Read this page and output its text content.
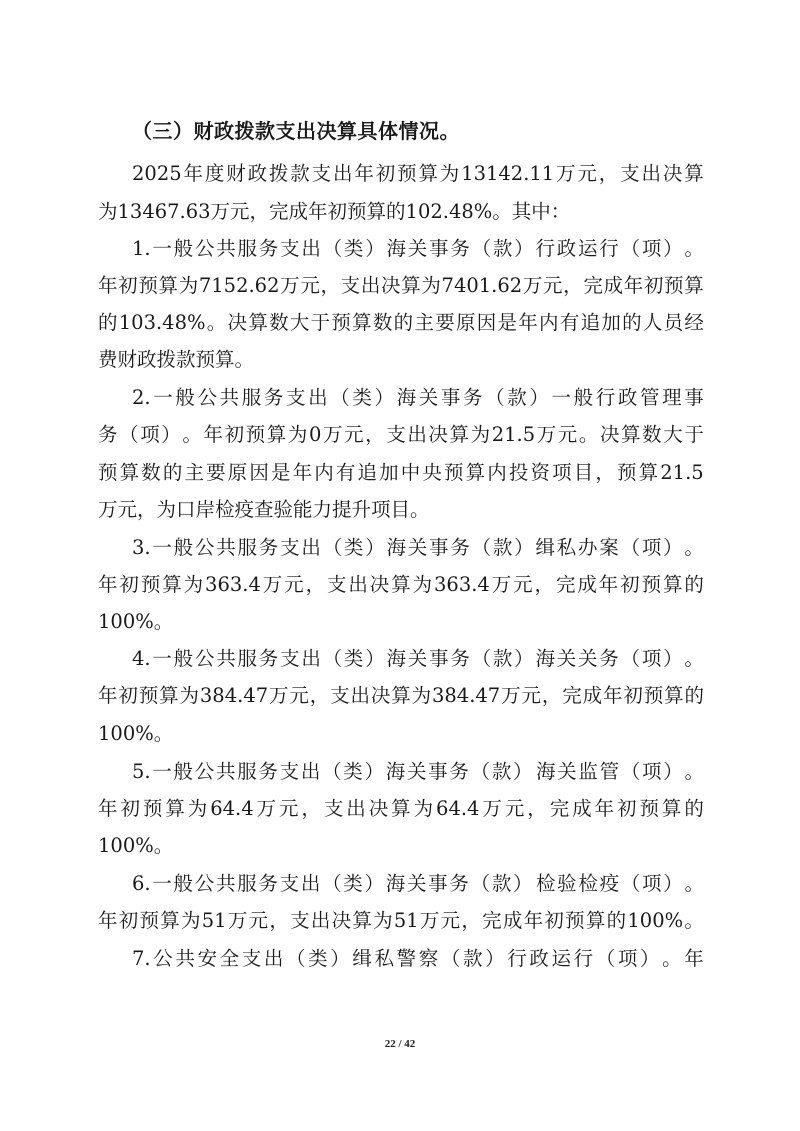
（三）财政拨款支出决算具体情况。
2025 年 度 财 政 拨 款 支 出 年 初 预 算 为 13142.11 万 元 ， 支 出 决 算
为13467.63万元，完成年初预算的102.48%。其中：
1. 一 般 公 共 服 务 支 出 （ 类 ） 海 关 事 务 （ 款 ） 行 政 运 行 （ 项 ） 。
年 初 预 算 为 7152.62 万 元 ， 支 出 决 算 为 7401.62 万 元 ， 完 成 年 初 预 算
的 103.48% 。 决 算 数 大 于 预 算 数 的 主 要 原 因 是 年 内 有 追 加 的 人 员 经
费财政拨款预算。
2. 一 般 公 共 服 务 支 出 （ 类 ） 海 关 事 务 （ 款 ） 一 般 行 政 管 理 事
务 （ 项 ） 。 年 初 预 算 为 0 万 元 ， 支 出 决 算 为 21.5 万 元 。 决 算 数 大 于
预 算 数 的 主 要 原 因 是 年 内 有 追 加 中 央 预 算 内 投 资 项 目 ， 预 算 21.5
万元，为口岸检疫查验能力提升项目。
3. 一 般 公 共 服 务 支 出 （ 类 ） 海 关 事 务 （ 款 ） 缉 私 办 案 （ 项 ） 。
年 初 预 算 为 363.4 万 元 ， 支 出 决 算 为 363.4 万 元 ， 完 成 年 初 预 算 的
100%。
4. 一 般 公 共 服 务 支 出 （ 类 ） 海 关 事 务 （ 款 ） 海 关 关 务 （ 项 ） 。
年 初 预 算 为 384.47 万 元 ， 支 出 决 算 为 384.47 万 元 ， 完 成 年 初 预 算 的
100%。
5. 一 般 公 共 服 务 支 出 （ 类 ） 海 关 事 务 （ 款 ） 海 关 监 管 （ 项 ） 。
年 初 预 算 为 64.4 万 元 ， 支 出 决 算 为 64.4 万 元 ， 完 成 年 初 预 算 的
100%。
6. 一 般 公 共 服 务 支 出 （ 类 ） 海 关 事 务 （ 款 ） 检 验 检 疫 （ 项 ） 。
年 初 预 算 为 51 万 元 ， 支 出 决 算 为 51 万 元 ， 完 成 年 初 预 算 的 100% 。
7. 公 共 安 全 支 出 （ 类 ） 缉 私 警 察 （ 款 ） 行 政 运 行 （ 项 ） 。 年
22 / 42
